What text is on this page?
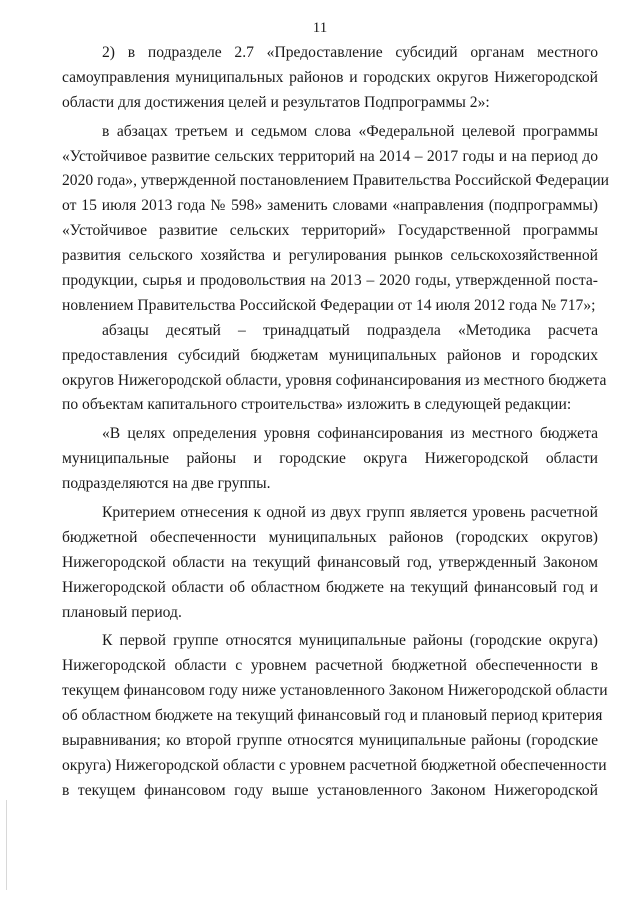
11
2) в подразделе 2.7 «Предоставление субсидий органам местного
самоуправления муниципальных районов и городских округов Нижегородской
области для достижения целей и результатов Подпрограммы 2»:
в абзацах третьем и седьмом слова «Федеральной целевой программы
«Устойчивое развитие сельских территорий на 2014 – 2017 годы и на период до
2020 года», утвержденной постановлением Правительства Российской Федерации
от 15 июля 2013 года № 598» заменить словами «направления (подпрограммы)
«Устойчивое развитие сельских территорий» Государственной программы
развития сельского хозяйства и регулирования рынков сельскохозяйственной
продукции, сырья и продовольствия на 2013 – 2020 годы, утвержденной поста-
новлением Правительства Российской Федерации от 14 июля 2012 года № 717»;
абзацы десятый – тринадцатый подраздела «Методика расчета
предоставления субсидий бюджетам муниципальных районов и городских
округов Нижегородской области, уровня софинансирования из местного бюджета
по объектам капитального строительства» изложить в следующей редакции:
«В целях определения уровня софинансирования из местного бюджета
муниципальные районы и городские округа Нижегородской области
подразделяются на две группы.
Критерием отнесения к одной из двух групп является уровень расчетной
бюджетной обеспеченности муниципальных районов (городских округов)
Нижегородской области на текущий финансовый год, утвержденный Законом
Нижегородской области об областном бюджете на текущий финансовый год и
плановый период.
К первой группе относятся муниципальные районы (городские округа)
Нижегородской области с уровнем расчетной бюджетной обеспеченности в
текущем финансовом году ниже установленного Законом Нижегородской области
об областном бюджете на текущий финансовый год и плановый период критерия
выравнивания; ко второй группе относятся муниципальные районы (городские
округа) Нижегородской области с уровнем расчетной бюджетной обеспеченности
в текущем финансовом году выше установленного Законом Нижегородской
